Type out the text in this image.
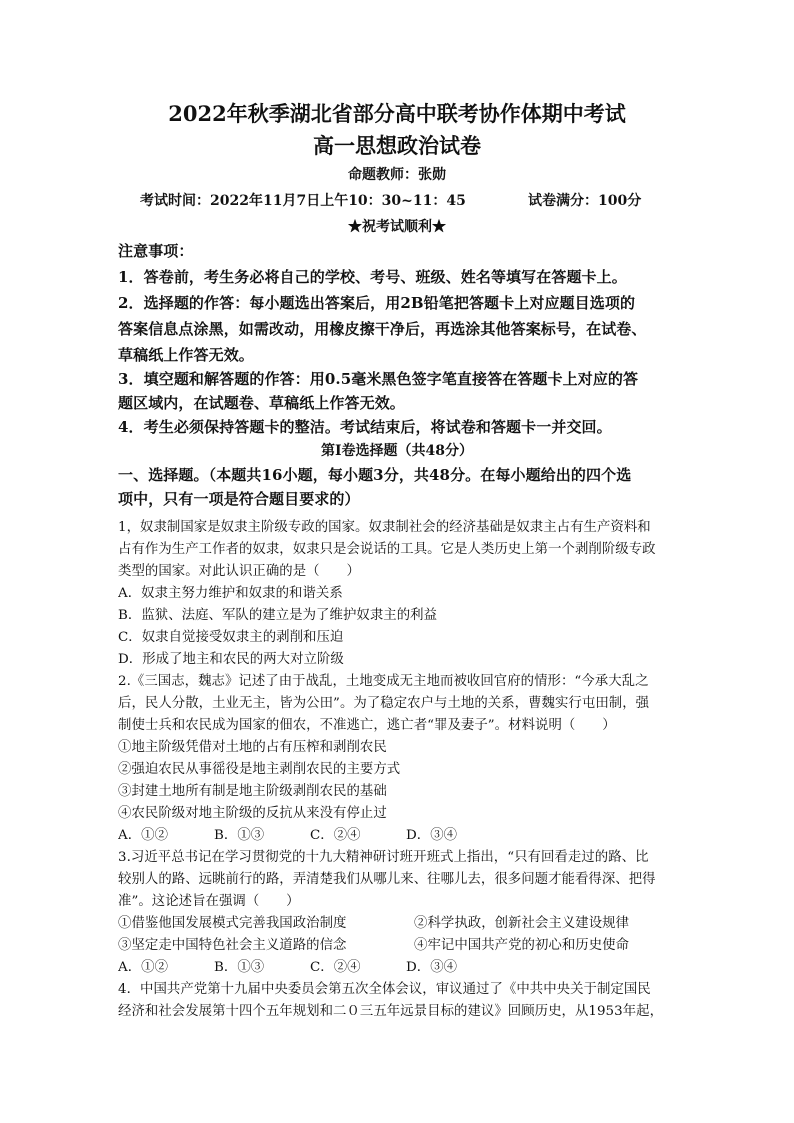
2022年秋季湖北省部分高中联考协作体期中考试
高一思想政治试卷
命题教师：张勋
考试时间：2022年11月7日上午10：30~11：45	试卷满分：100分
★祝考试顺利★
注意事项：
1．答卷前，考生务必将自己的学校、考号、班级、姓名等填写在答题卡上。
2．选择题的作答：每小题选出答案后，用2B铅笔把答题卡上对应题目选项的
答案信息点涂黑，如需改动，用橡皮擦干净后，再选涂其他答案标号，在试卷、
草稿纸上作答无效。
3．填空题和解答题的作答：用0.5毫米黑色签字笔直接答在答题卡上对应的答
题区域内，在试题卷、草稿纸上作答无效。
4．考生必须保持答题卡的整洁。考试结束后，将试卷和答题卡一并交回。
第Ⅰ卷选择题（共48分）
一、选择题。（本题共16小题，每小题3分，共48分。在每小题给出的四个选
项中，只有一项是符合题目要求的）
1，奴隶制国家是奴隶主阶级专政的国家。奴隶制社会的经济基础是奴隶主占有生产资料和
占有作为生产工作者的奴隶，奴隶只是会说话的工具。它是人类历史上第一个剥削阶级专政
类型的国家。对此认识正确的是（　　）
A．奴隶主努力维护和奴隶的和谐关系
B．监狱、法庭、军队的建立是为了维护奴隶主的利益
C．奴隶自觉接受奴隶主的剥削和压迫
D．形成了地主和农民的两大对立阶级
2.《三国志，魏志》记述了由于战乱，土地变成无主地而被收回官府的情形：“今承大乱之
后，民人分散，土业无主，皆为公田”。为了稳定农户与土地的关系，曹魏实行屯田制，强
制使士兵和农民成为国家的佃农，不准逃亡，逃亡者“罪及妻子”。材料说明（　　）
①地主阶级凭借对土地的占有压榨和剥削农民
②强迫农民从事徭役是地主剥削农民的主要方式
③封建土地所有制是地主阶级剥削农民的基础
④农民阶级对地主阶级的反抗从来没有停止过
A．①②	B．①③	C．②④	D．③④
3.习近平总书记在学习贯彻党的十九大精神研讨班开班式上指出，“只有回看走过的路、比
较别人的路、远眺前行的路，弄清楚我们从哪儿来、往哪儿去，很多问题才能看得深、把得
准”。这论述旨在强调（　　）
①借鉴他国发展模式完善我国政治制度	②科学执政，创新社会主义建设规律
③坚定走中国特色社会主义道路的信念	④牢记中国共产党的初心和历史使命
A．①②	B．①③	C．②④	D．③④
4．中国共产党第十九届中央委员会第五次全体会议，审议通过了《中共中央关于制定国民
经济和社会发展第十四个五年规划和二０三五年远景目标的建议》回顾历史，从1953年起，
